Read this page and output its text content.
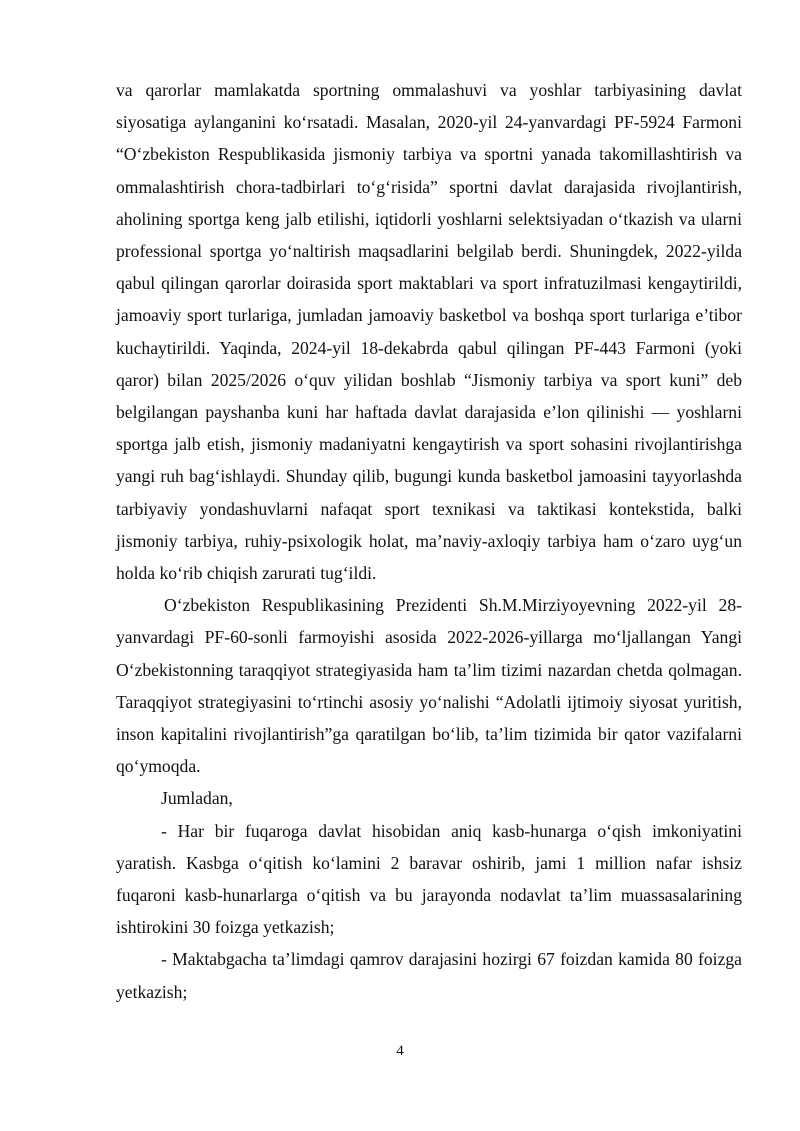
va qarorlar mamlakatda sportning ommalashuvi va yoshlar tarbiyasining davlat siyosatiga aylanganini ko‘rsatadi. Masalan, 2020-yil 24-yanvardagi PF-5924 Farmoni “O‘zbekiston Respublikasida jismoniy tarbiya va sportni yanada takomillashtirish va ommalashtirish chora-tadbirlari to‘g‘risida” sportni davlat darajasida rivojlantirish, aholining sportga keng jalb etilishi, iqtidorli yoshlarni selektsiyadan o‘tkazish va ularni professional sportga yo‘naltirish maqsadlarini belgilab berdi. Shuningdek, 2022-yilda qabul qilingan qarorlar doirasida sport maktablari va sport infratuzilmasi kengaytirildi, jamoaviy sport turlariga, jumladan jamoaviy basketbol va boshqa sport turlariga e’tibor kuchaytirildi. Yaqinda, 2024-yil 18-dekabrda qabul qilingan PF-443 Farmoni (yoki qaror) bilan 2025/2026 o‘quv yilidan boshlab “Jismoniy tarbiya va sport kuni” deb belgilangan payshanba kuni har haftada davlat darajasida e’lon qilinishi — yoshlarni sportga jalb etish, jismoniy madaniyatni kengaytirish va sport sohasini rivojlantirishga yangi ruh bag‘ishlaydi. Shunday qilib, bugungi kunda basketbol jamoasini tayyorlashda tarbiyaviy yondashuvlarni nafaqat sport texnikasi va taktikasi kontekstida, balki jismoniy tarbiya, ruhiy-psixologik holat, ma’naviy-axloqiy tarbiya ham o‘zaro uyg‘un holda ko‘rib chiqish zarurati tug‘ildi.

O‘zbekiston Respublikasining Prezidenti Sh.M.Mirziyoyevning 2022-yil 28-yanvardagi PF-60-sonli farmoyishi asosida 2022-2026-yillarga mo‘ljallangan Yangi O‘zbekistonning taraqqiyot strategiyasida ham ta’lim tizimi nazardan chetda qolmagan. Taraqqiyot strategiyasini to‘rtinchi asosiy yo‘nalishi “Adolatli ijtimoiy siyosat yuritish, inson kapitalini rivojlantirish”ga qaratilgan bo‘lib, ta’lim tizimida bir qator vazifalarni qo‘ymoqda.

Jumladan,

- Har bir fuqaroga davlat hisobidan aniq kasb-hunarga o‘qish imkoniyatini yaratish. Kasbga o‘qitish ko‘lamini 2 baravar oshirib, jami 1 million nafar ishsiz fuqaroni kasb-hunarlarga o‘qitish va bu jarayonda nodavlat ta’lim muassasalarining ishtirokini 30 foizga yetkazish;

- Maktabgacha ta’limdagi qamrov darajasini hozirgi 67 foizdan kamida 80 foizga yetkazish;

4
